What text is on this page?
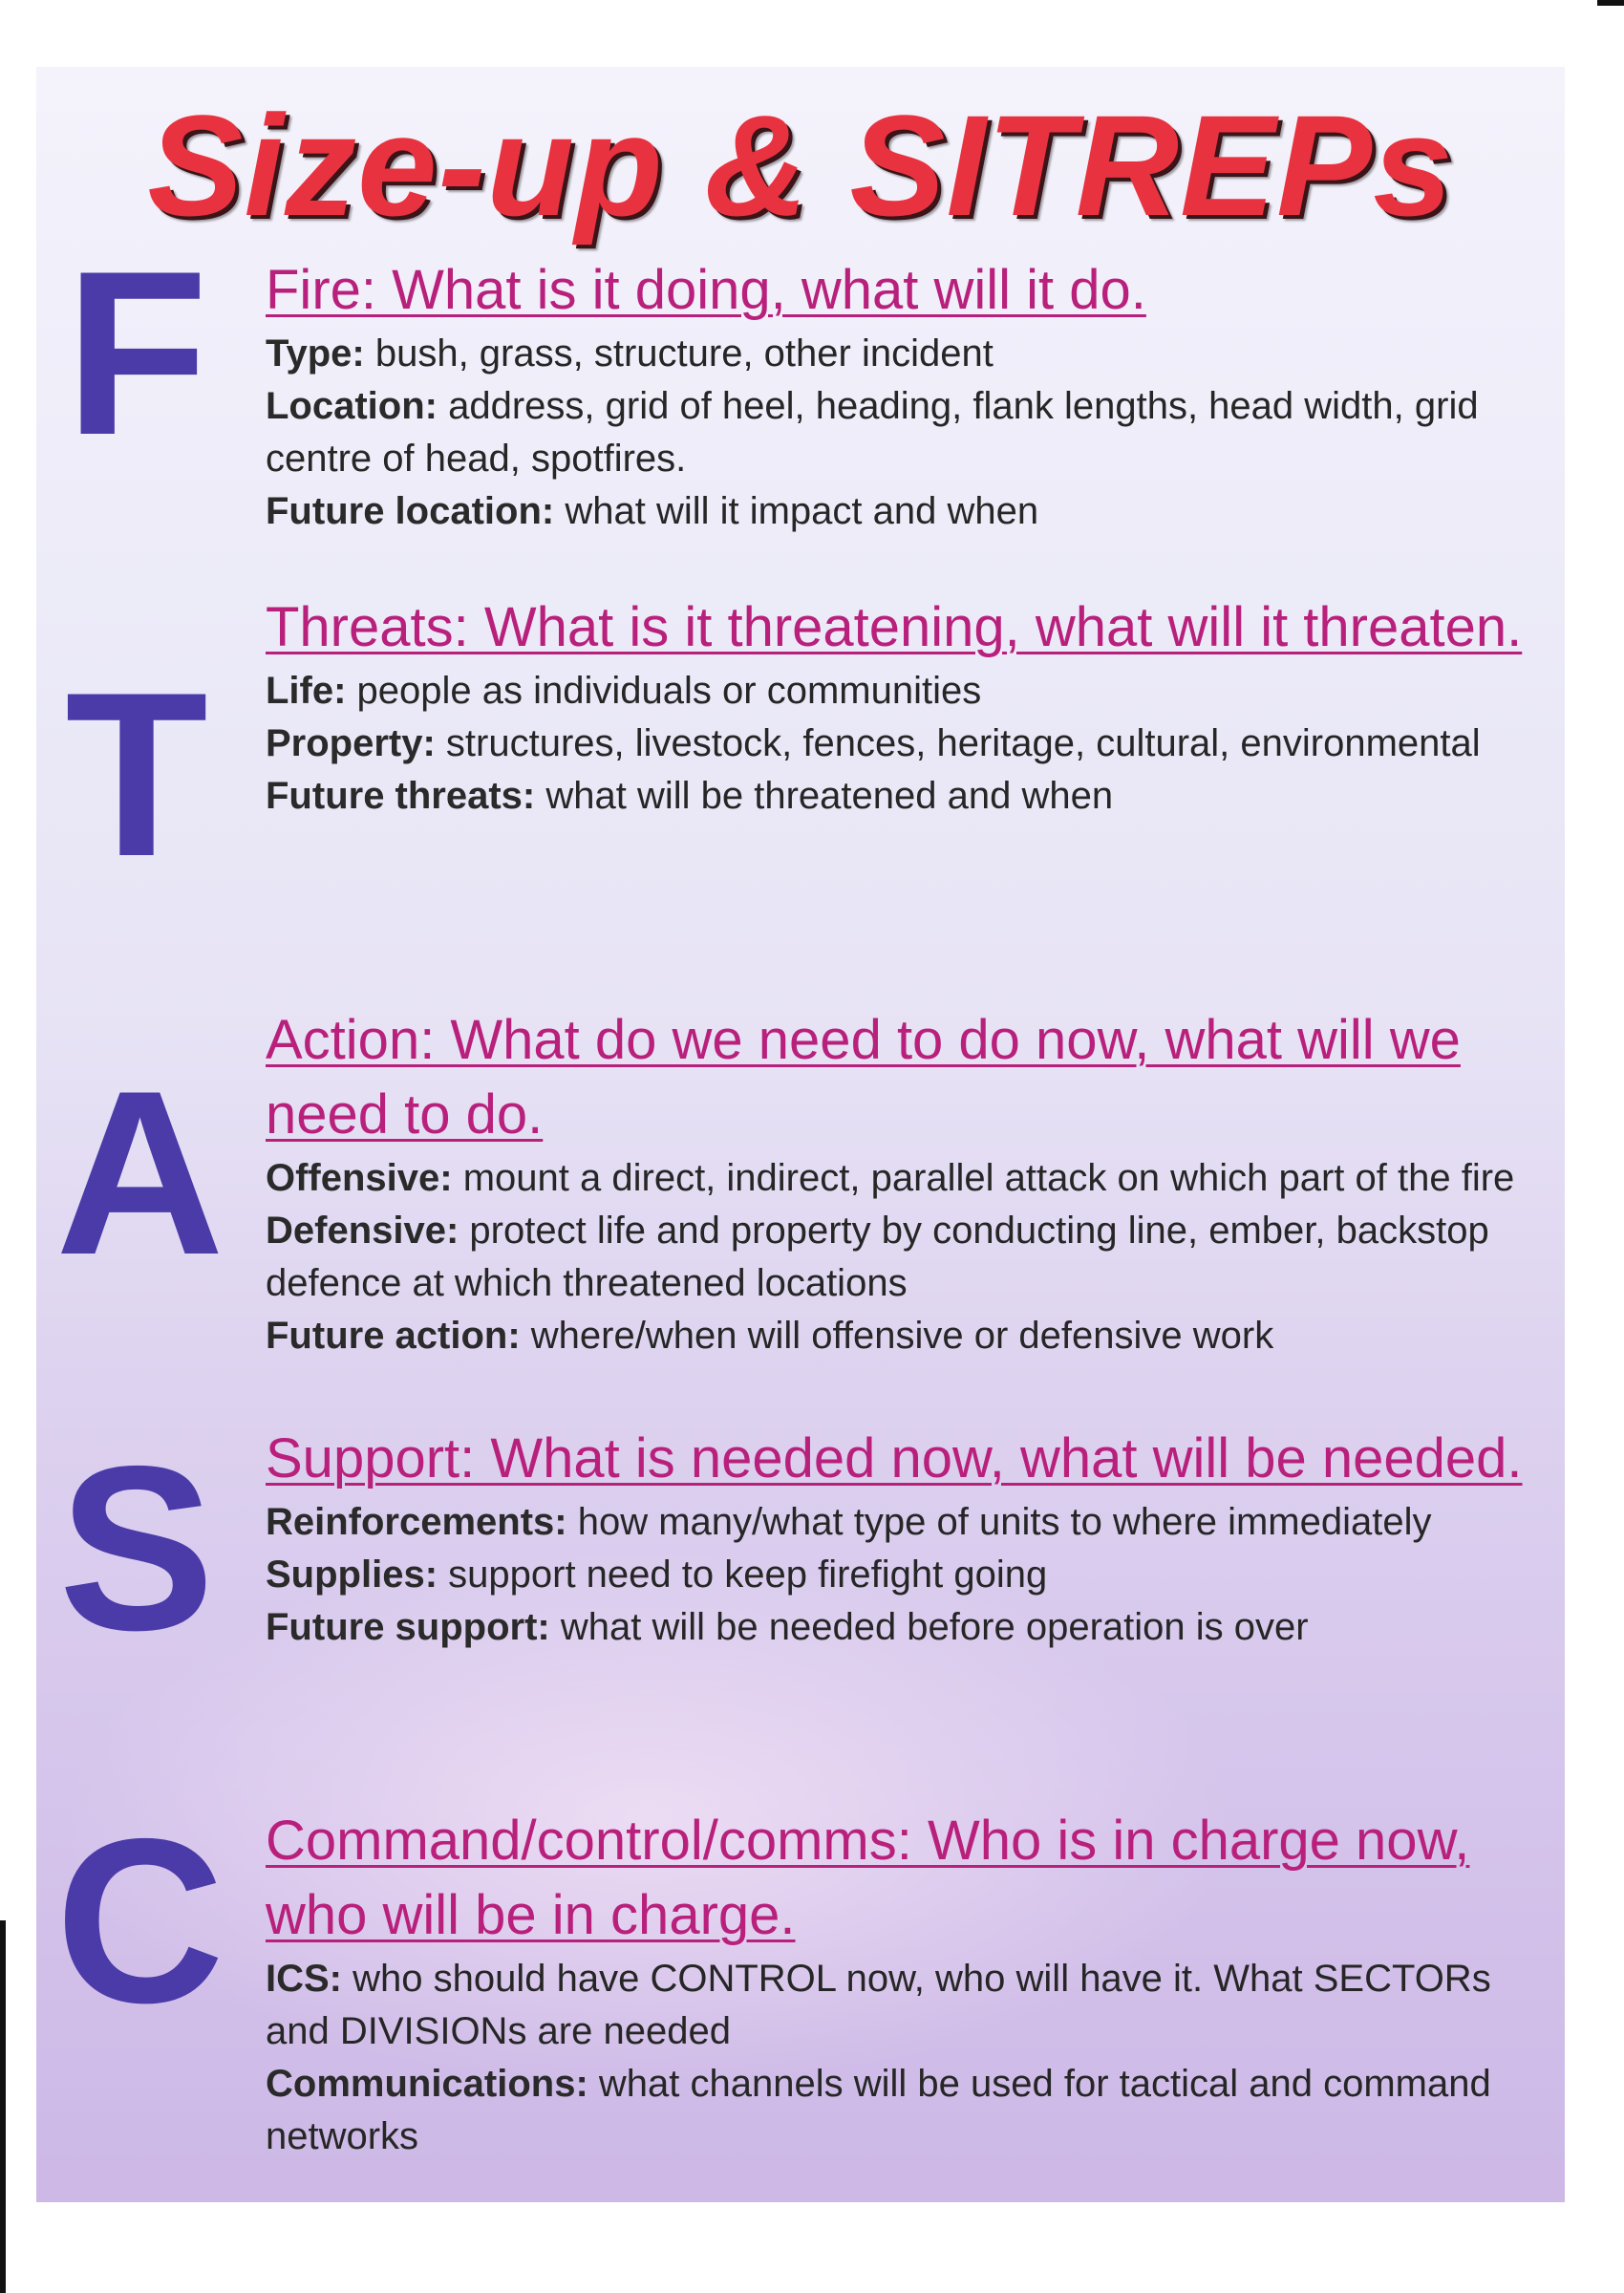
Size-up & SITREPs
F Fire: What is it doing, what will it do.

Type: bush, grass, structure, other incident

Location: address, grid of heel, heading, flank lengths, head width, grid centre of head, spotfires.

Future location: what will it impact and when

T

Threats: What is it threatening, what will it threaten.

Life: people as individuals or communities

Property: structures, livestock, fences, heritage, cultural, environmental

Future threats: what will be threatened and when

A

Action: What do we need to do now, what will we need to do.

Offensive: mount a direct, indirect, parallel attack on which part of the fire

Defensive: protect life and property by conducting line, ember, backstop defence at which threatened locations

Future action: where/when will offensive or defensive work

S Support: What is needed now, what will be needed.

Reinforcements: how many/what type of units to where immediately

Supplies: support need to keep firefight going

Future support: what will be needed before operation is over

C Command/control/comms: Who is in charge now, who will be in charge.

ICS: who should have CONTROL now, who will have it. What SECTORs and DIVISIONs are needed

Communications: what channels will be used for tactical and command networks
